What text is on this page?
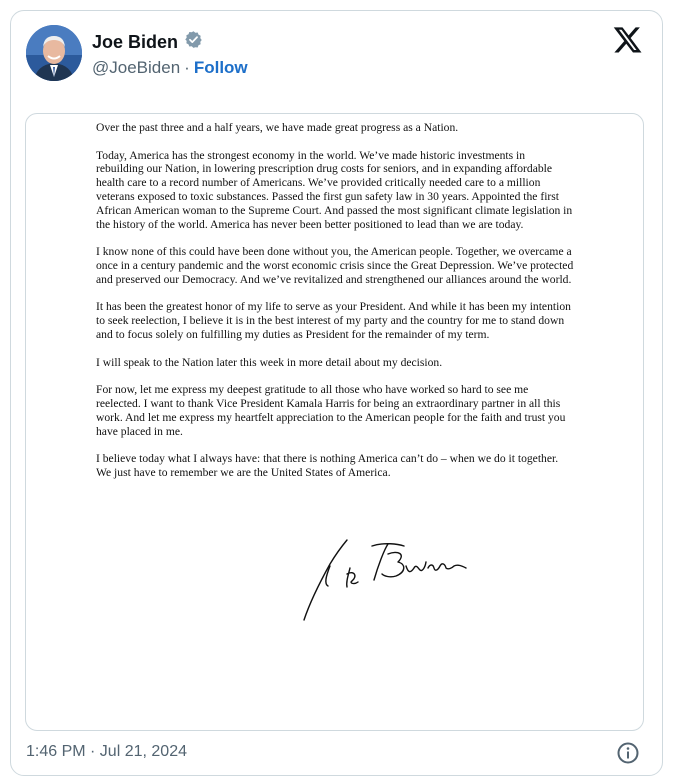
Joe Biden
@JoeBiden · Follow

Over the past three and a half years, we have made great progress as a Nation.

Today, America has the strongest economy in the world. We’ve made historic investments in rebuilding our Nation, in lowering prescription drug costs for seniors, and in expanding affordable health care to a record number of Americans. We’ve provided critically needed care to a million veterans exposed to toxic substances. Passed the first gun safety law in 30 years. Appointed the first African American woman to the Supreme Court. And passed the most significant climate legislation in the history of the world. America has never been better positioned to lead than we are today.

I know none of this could have been done without you, the American people. Together, we overcame a once in a century pandemic and the worst economic crisis since the Great Depression. We’ve protected and preserved our Democracy. And we’ve revitalized and strengthened our alliances around the world.

It has been the greatest honor of my life to serve as your President. And while it has been my intention to seek reelection, I believe it is in the best interest of my party and the country for me to stand down and to focus solely on fulfilling my duties as President for the remainder of my term.

I will speak to the Nation later this week in more detail about my decision.

For now, let me express my deepest gratitude to all those who have worked so hard to see me reelected. I want to thank Vice President Kamala Harris for being an extraordinary partner in all this work. And let me express my heartfelt appreciation to the American people for the faith and trust you have placed in me.

I believe today what I always have: that there is nothing America can’t do – when we do it together. We just have to remember we are the United States of America.

1:46 PM · Jul 21, 2024
